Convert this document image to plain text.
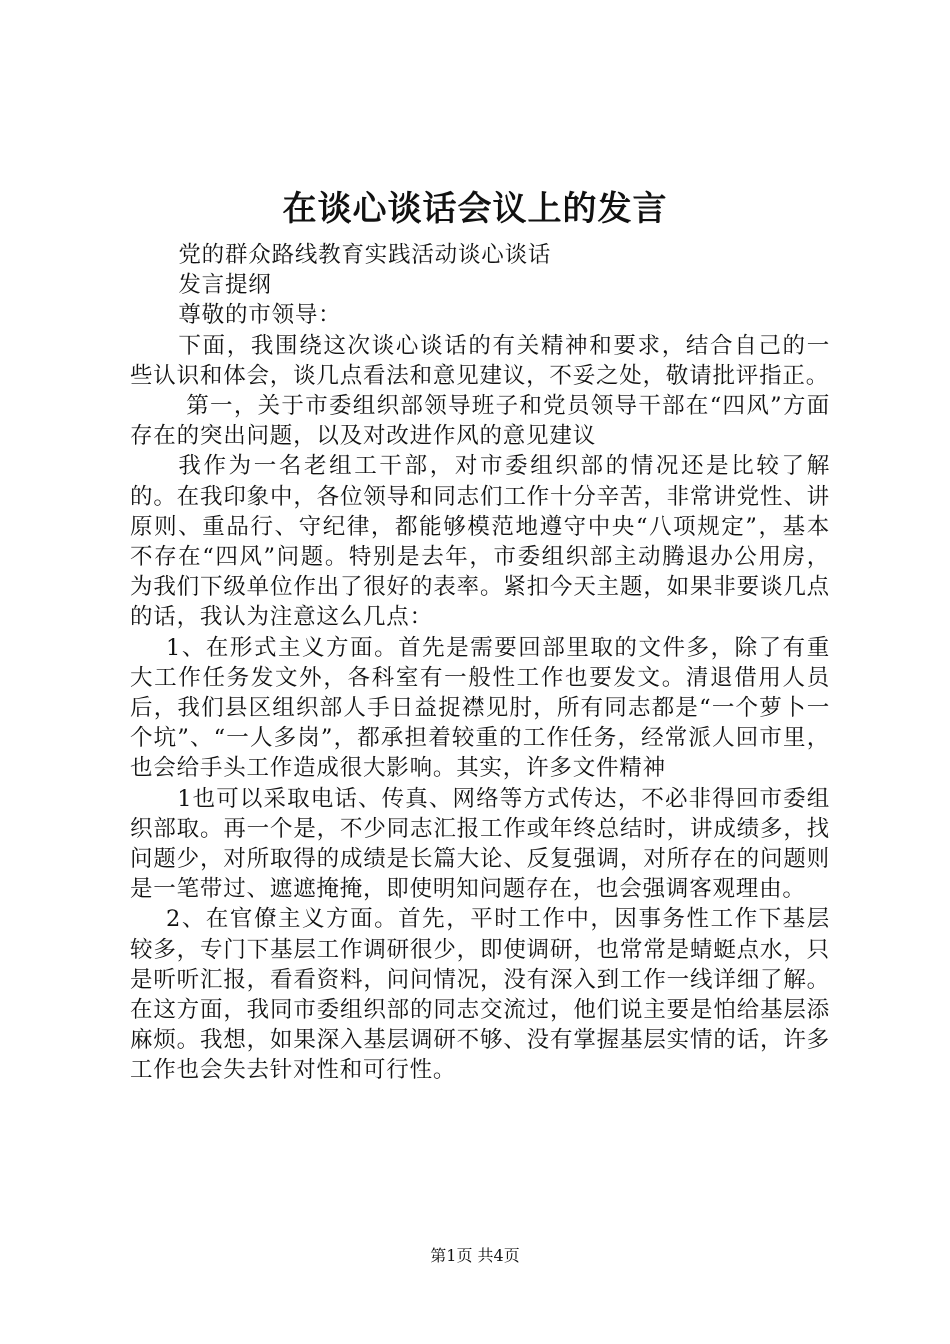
在谈心谈话会议上的发言

党的群众路线教育实践活动谈心谈话

发言提纲

尊敬的市领导：

下面，我围绕这次谈心谈话的有关精神和要求，结合自己的一些认识和体会，谈几点看法和意见建议，不妥之处，敬请批评指正。

第一，关于市委组织部领导班子和党员领导干部在“四风”方面存在的突出问题，以及对改进作风的意见建议

我作为一名老组工干部，对市委组织部的情况还是比较了解的。在我印象中，各位领导和同志们工作十分辛苦，非常讲党性、讲原则、重品行、守纪律，都能够模范地遵守中央“八项规定”，基本不存在“四风”问题。特别是去年，市委组织部主动腾退办公用房，为我们下级单位作出了很好的表率。紧扣今天主题，如果非要谈几点的话，我认为注意这么几点：

1、在形式主义方面。首先是需要回部里取的文件多，除了有重大工作任务发文外，各科室有一般性工作也要发文。清退借用人员后，我们县区组织部人手日益捉襟见肘，所有同志都是“一个萝卜一个坑”、“一人多岗”，都承担着较重的工作任务，经常派人回市里，也会给手头工作造成很大影响。其实，许多文件精神

1也可以采取电话、传真、网络等方式传达，不必非得回市委组织部取。再一个是，不少同志汇报工作或年终总结时，讲成绩多，找问题少，对所取得的成绩是长篇大论、反复强调，对所存在的问题则是一笔带过、遮遮掩掩，即使明知问题存在，也会强调客观理由。

2、在官僚主义方面。首先，平时工作中，因事务性工作下基层较多，专门下基层工作调研很少，即使调研，也常常是蜻蜓点水，只是听听汇报，看看资料，问问情况，没有深入到工作一线详细了解。在这方面，我同市委组织部的同志交流过，他们说主要是怕给基层添麻烦。我想，如果深入基层调研不够、没有掌握基层实情的话，许多工作也会失去针对性和可行性。

第1页 共4页
